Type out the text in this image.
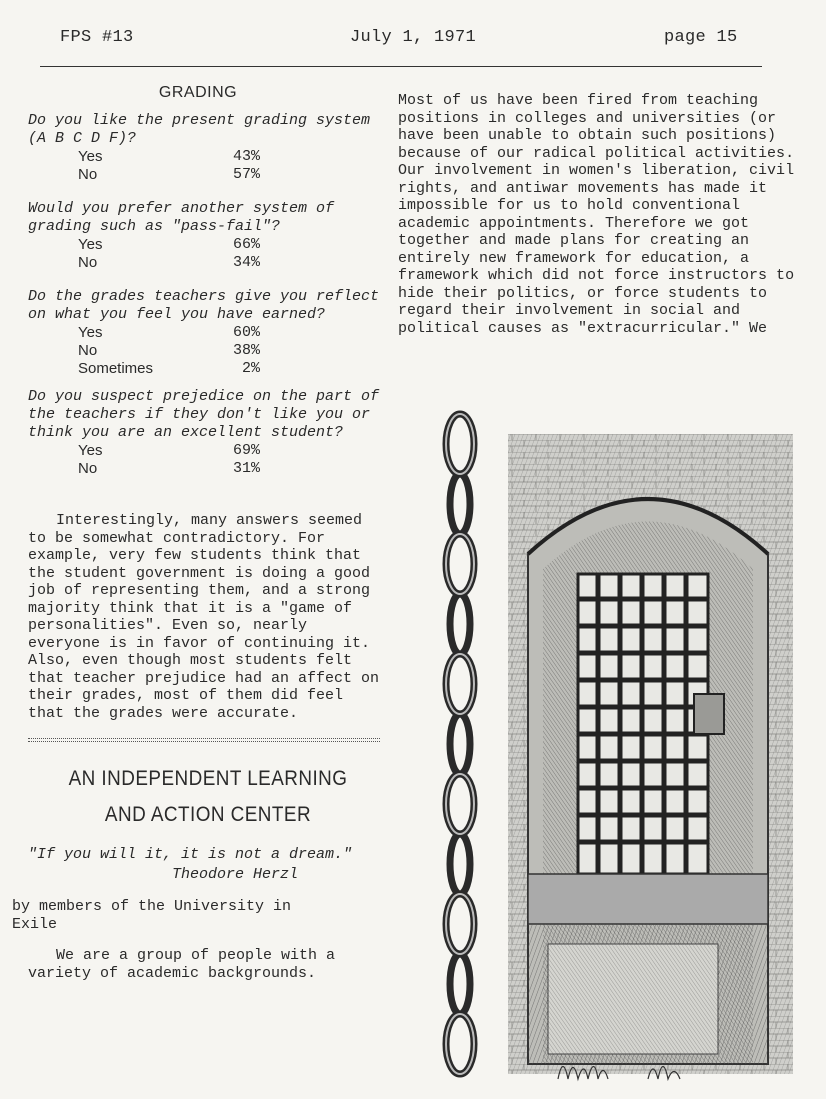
FPS #13	July 1, 1971	page 15
GRADING

Do you like the present grading system (A B C D F)?

Yes	43%
No	57%

Would you prefer another system of grading such as "pass-fail"?

Yes	66%
No	34%

Do the grades teachers give you reflect on what you feel you have earned?

Yes	60%
No	38%
Sometimes	2%

Do you suspect prejedice on the part of the teachers if they don't like you or think you are an excellent student?

Yes	69%
No	31%

Interestingly, many answers seemed to be somewhat contradictory. For example, very few students think that the student government is doing a good job of representing them, and a strong majority think that it is a "game of personalities". Even so, nearly everyone is in favor of continuing it. Also, even though most students felt that teacher prejudice had an affect on their grades, most of them did feel that the grades were accurate.

AN INDEPENDENT LEARNING
AND ACTION CENTER

"If you will it, it is not a dream."

Theodore Herzl

by members of the University in Exile

We are a group of people with a variety of academic backgrounds.

Most of us have been fired from teaching positions in colleges and universities (or have been unable to obtain such positions) because of our radical political activities. Our involvement in women's liberation, civil rights, and antiwar movements has made it impossible for us to hold conventional academic appointments. Therefore we got together and made plans for creating an entirely new framework for education, a framework which did not force instructors to hide their politics, or force students to regard their involvement in social and political causes as "extracurricular." We
